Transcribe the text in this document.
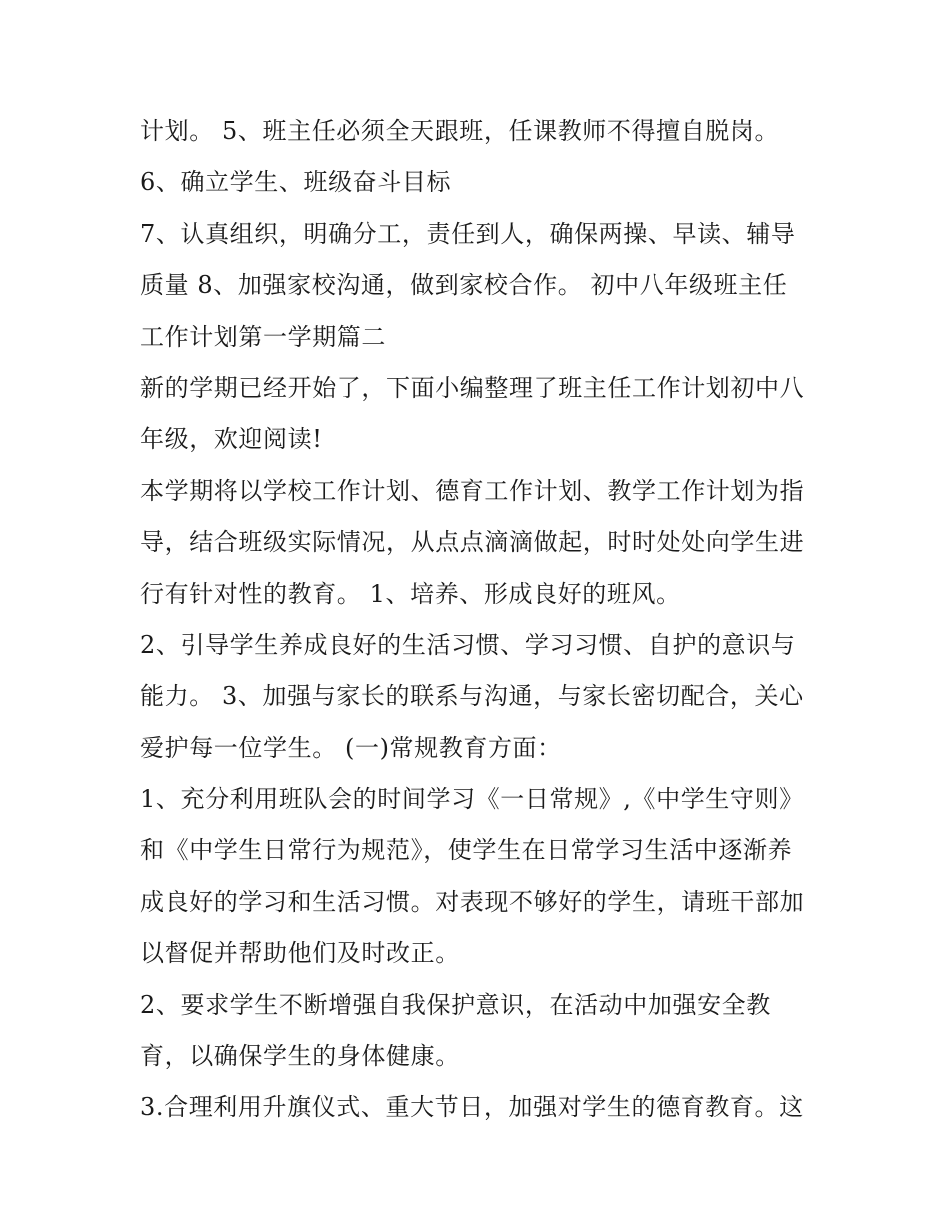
计划。 5、班主任必须全天跟班，任课教师不得擅自脱岗。
6、确立学生、班级奋斗目标
7、认真组织，明确分工，责任到人，确保两操、早读、辅导
质量 8、加强家校沟通，做到家校合作。 初中八年级班主任
工作计划第一学期篇二
新的学期已经开始了，下面小编整理了班主任工作计划初中八
年级，欢迎阅读!
本学期将以学校工作计划、德育工作计划、教学工作计划为指
导，结合班级实际情况，从点点滴滴做起，时时处处向学生进
行有针对性的教育。 1、培养、形成良好的班风。
2、引导学生养成良好的生活习惯、学习习惯、自护的意识与
能力。 3、加强与家长的联系与沟通，与家长密切配合，关心
爱护每一位学生。 (一)常规教育方面：
1、充分利用班队会的时间学习《一日常规》,《中学生守则》
和《中学生日常行为规范》，使学生在日常学习生活中逐渐养
成良好的学习和生活习惯。对表现不够好的学生，请班干部加
以督促并帮助他们及时改正。
2、要求学生不断增强自我保护意识，在活动中加强安全教
育，以确保学生的身体健康。
3.合理利用升旗仪式、重大节日，加强对学生的德育教育。这
